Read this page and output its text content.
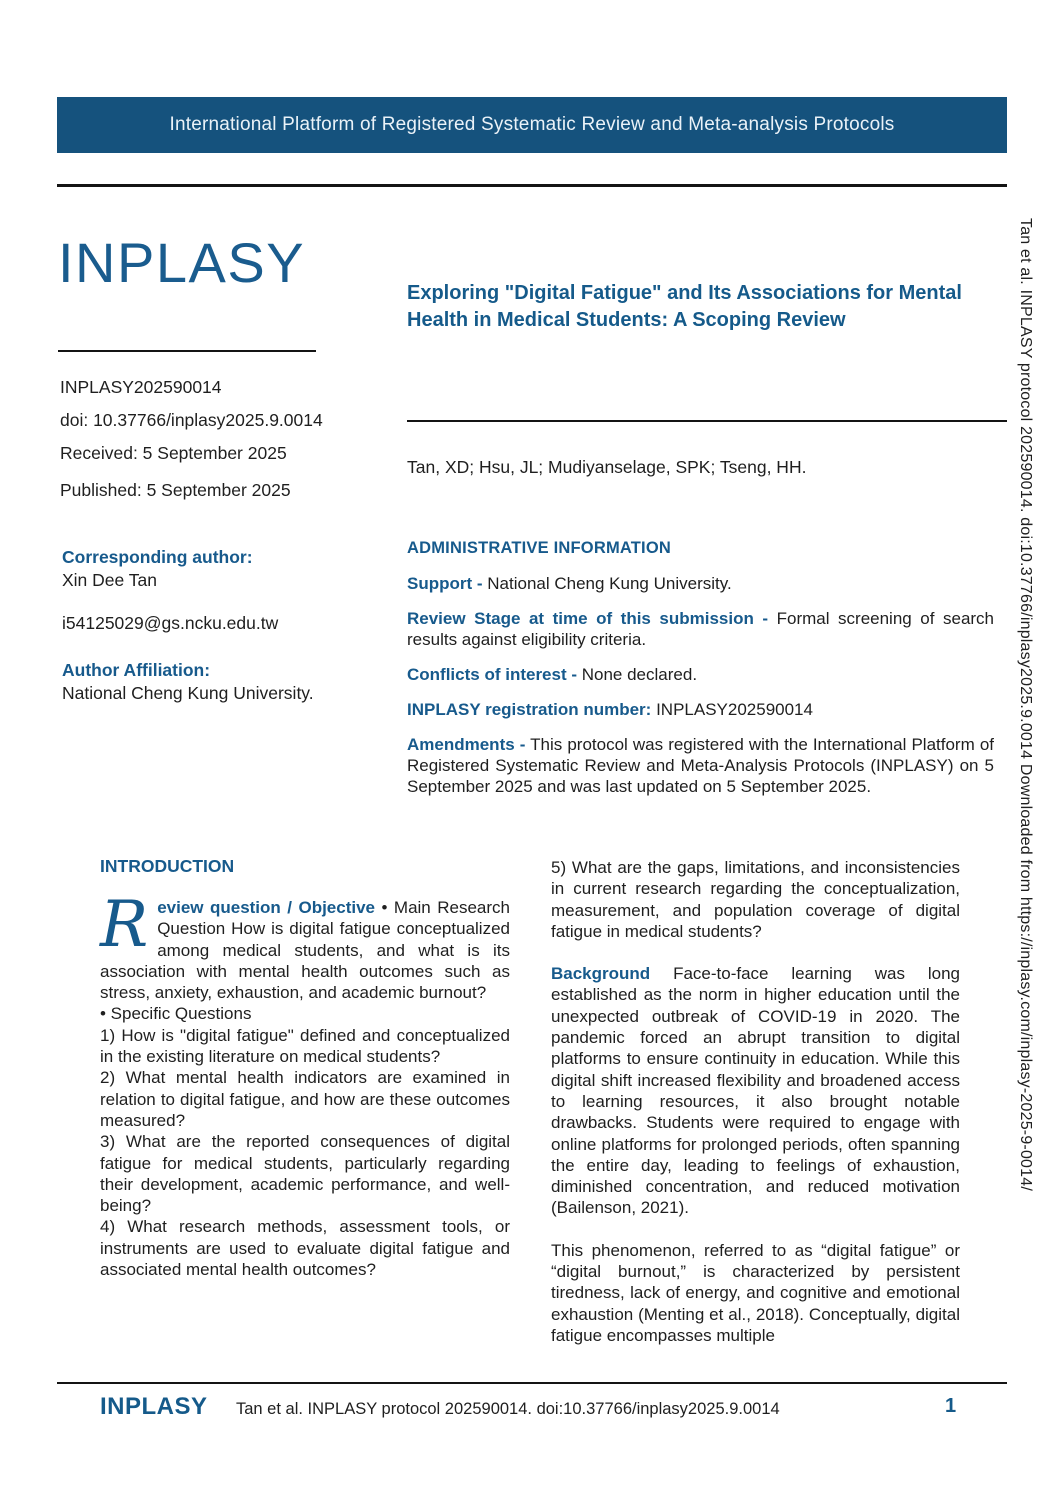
International Platform of Registered Systematic Review and Meta-analysis Protocols
INPLASY
INPLASY202590014
doi: 10.37766/inplasy2025.9.0014
Received: 5 September 2025
Published: 5 September 2025
Corresponding author:
Xin Dee Tan
i54125029@gs.ncku.edu.tw
Author Affiliation:
National Cheng Kung University.
Exploring "Digital Fatigue" and Its Associations for Mental Health in Medical Students: A Scoping Review
Tan, XD; Hsu, JL; Mudiyanselage, SPK; Tseng, HH.
ADMINISTRATIVE INFORMATION

Support - National Cheng Kung University.

Review Stage at time of this submission - Formal screening of search results against eligibility criteria.

Conflicts of interest - None declared.

INPLASY registration number: INPLASY202590014

Amendments - This protocol was registered with the International Platform of Registered Systematic Review and Meta-Analysis Protocols (INPLASY) on 5 September 2025 and was last updated on 5 September 2025.

INTRODUCTION

Review question / Objective • Main Research Question How is digital fatigue conceptualized among medical students, and what is its association with mental health outcomes such as stress, anxiety, exhaustion, and academic burnout?

• Specific Questions

1) How is "digital fatigue" defined and conceptualized in the existing literature on medical students?

2) What mental health indicators are examined in relation to digital fatigue, and how are these outcomes measured?

3) What are the reported consequences of digital fatigue for medical students, particularly regarding their development, academic performance, and well-being?

4) What research methods, assessment tools, or instruments are used to evaluate digital fatigue and associated mental health outcomes?

5) What are the gaps, limitations, and inconsistencies in current research regarding the conceptualization, measurement, and population coverage of digital fatigue in medical students?

Background Face-to-face learning was long established as the norm in higher education until the unexpected outbreak of COVID-19 in 2020. The pandemic forced an abrupt transition to digital platforms to ensure continuity in education. While this digital shift increased flexibility and broadened access to learning resources, it also brought notable drawbacks. Students were required to engage with online platforms for prolonged periods, often spanning the entire day, leading to feelings of exhaustion, diminished concentration, and reduced motivation (Bailenson, 2021).

This phenomenon, referred to as “digital fatigue” or “digital burnout,” is characterized by persistent tiredness, lack of energy, and cognitive and emotional exhaustion (Menting et al., 2018). Conceptually, digital fatigue encompasses multiple

INPLASY Tan et al. INPLASY protocol 202590014. doi:10.37766/inplasy2025.9.0014	1
Tan et al. INPLASY protocol 202590014. doi:10.37766/inplasy2025.9.0014 Downloaded from https://inplasy.com/inplasy-2025-9-0014/
